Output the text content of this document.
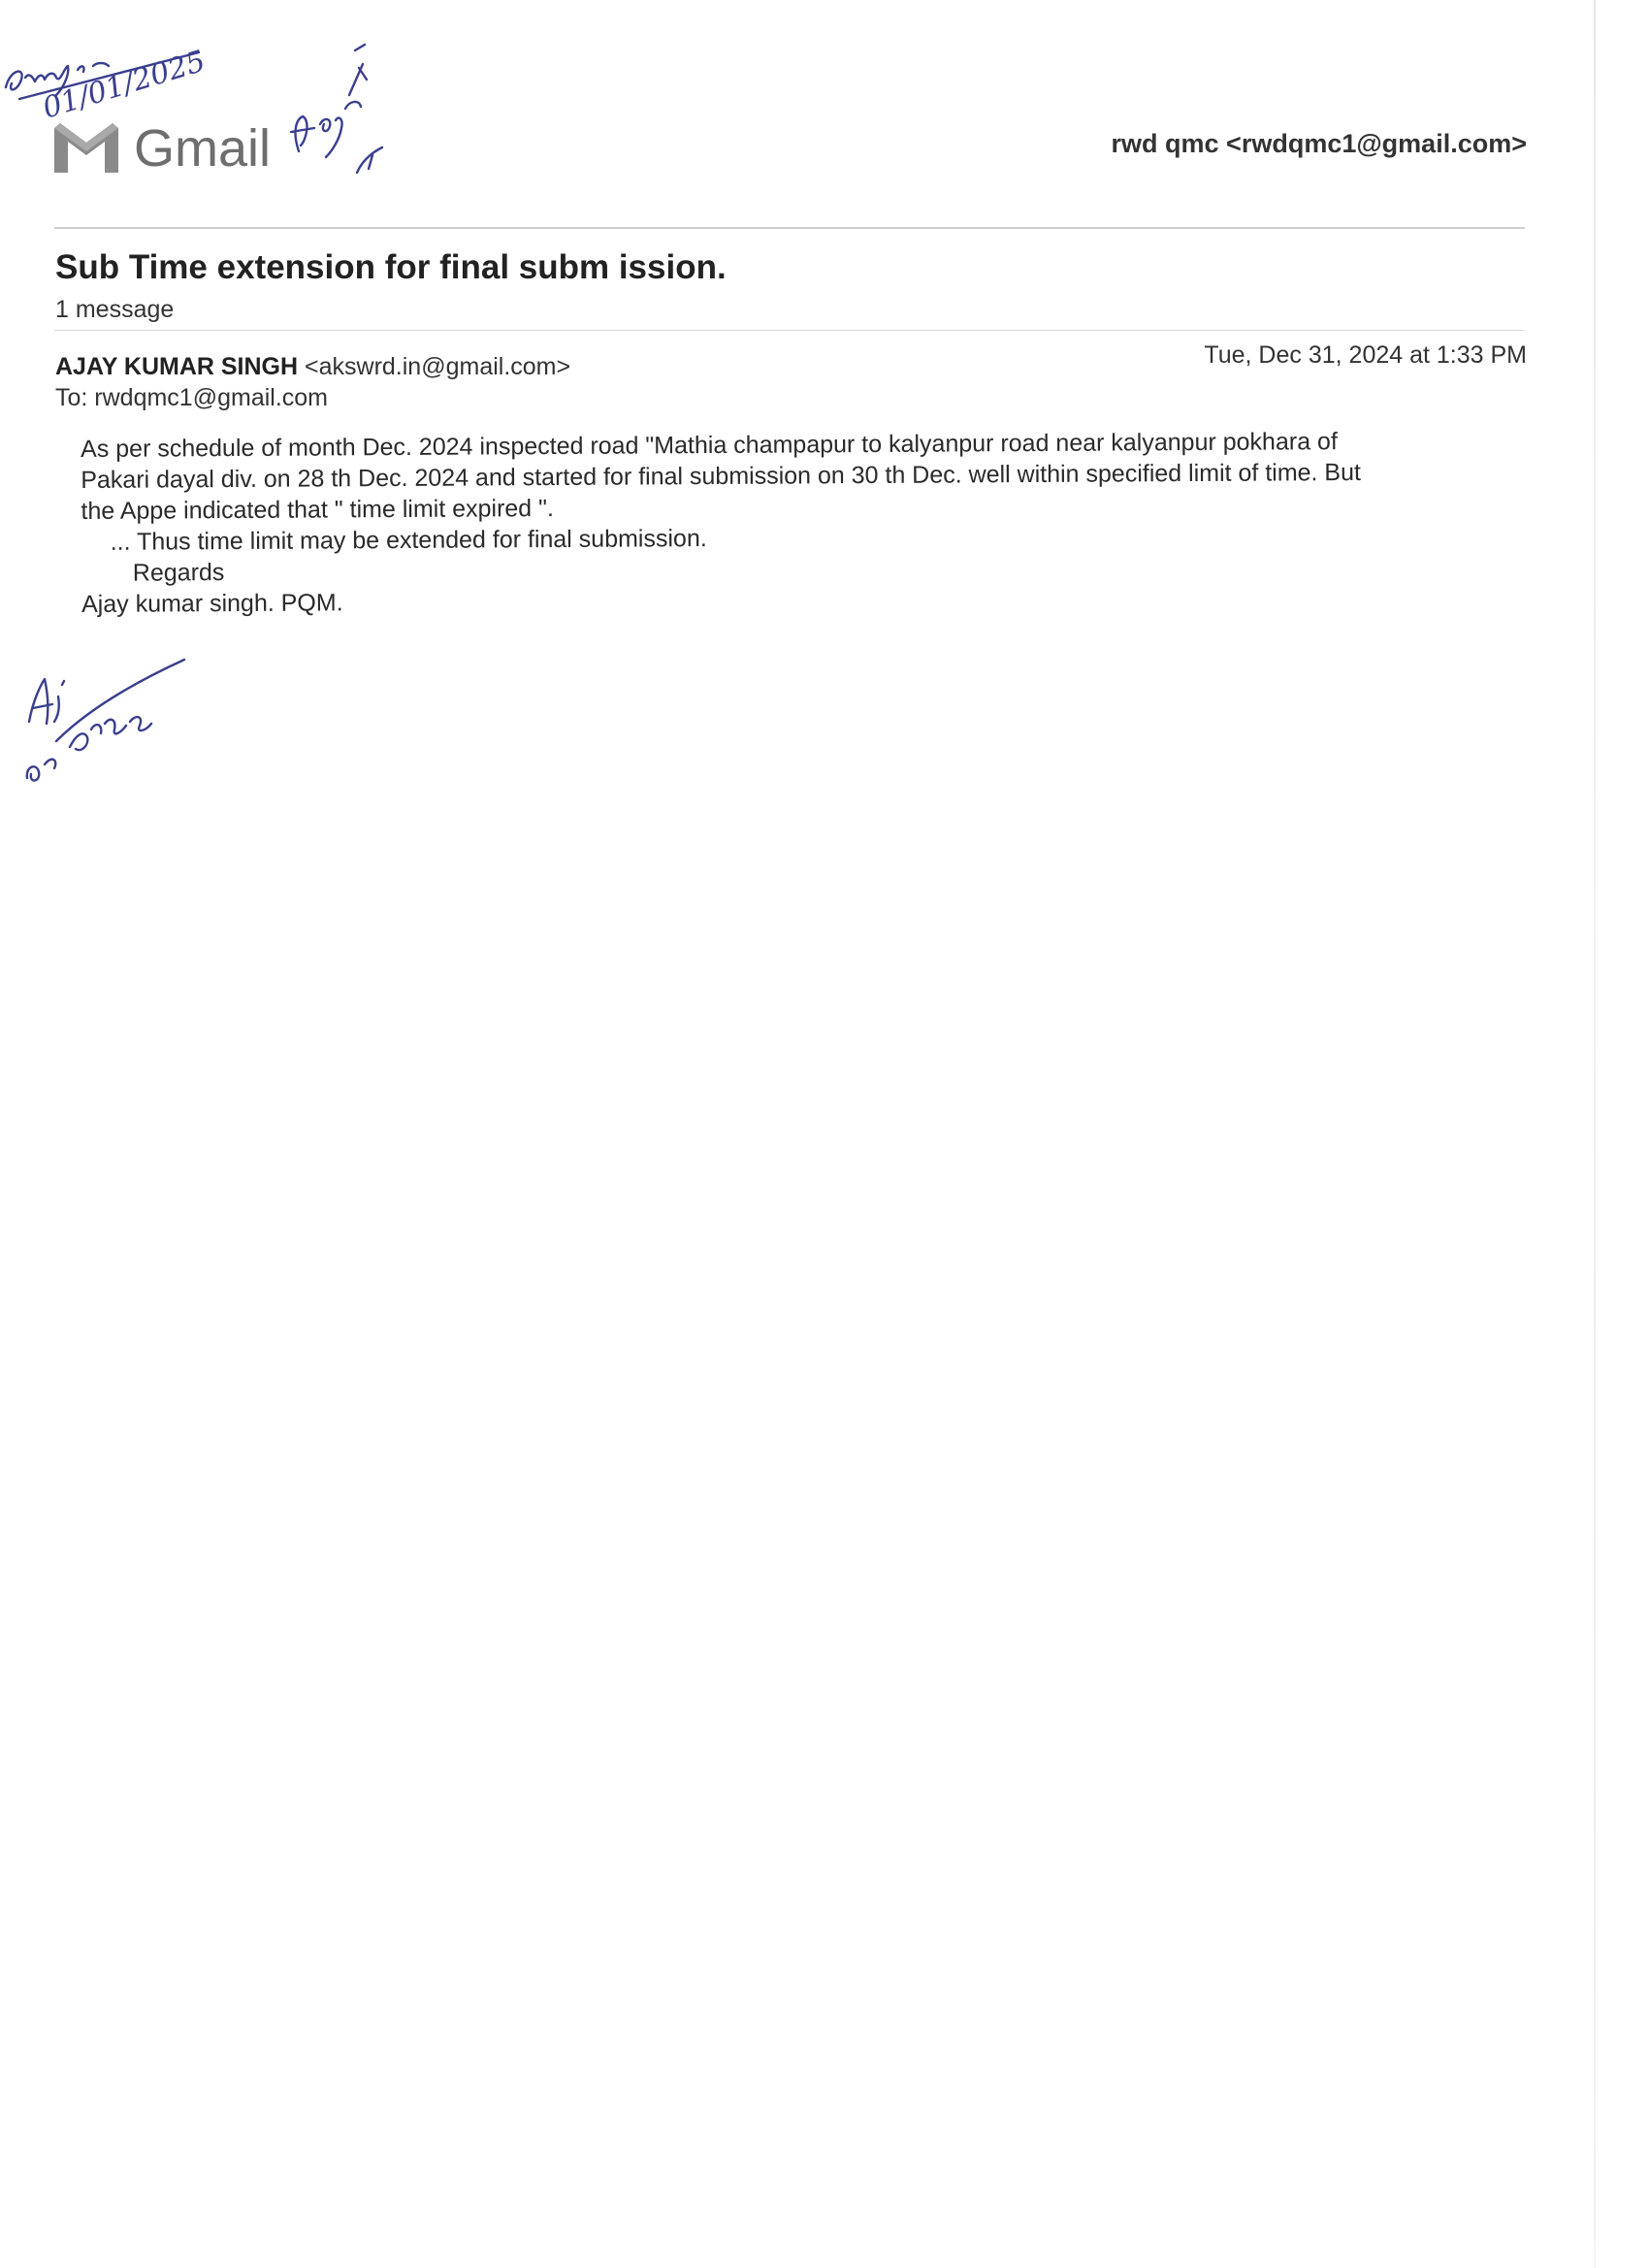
Gmail	rwd qmc <rwdqmc1@gmail.com>
Sub Time extension for final subm ission.
1 message
AJAY KUMAR SINGH <akswrd.in@gmail.com>	Tue, Dec 31, 2024 at 1:33 PM
To: rwdqmc1@gmail.com

As per schedule of month Dec. 2024 inspected road "Mathia champapur to kalyanpur road near kalyanpur pokhara of

Pakari dayal div. on 28 th Dec. 2024 and started for final submission on 30 th Dec. well within specified limit of time. But

the Appe indicated that " time limit expired ".

... Thus time limit may be extended for final submission.

Regards

Ajay kumar singh. PQM.

01/01/2025
